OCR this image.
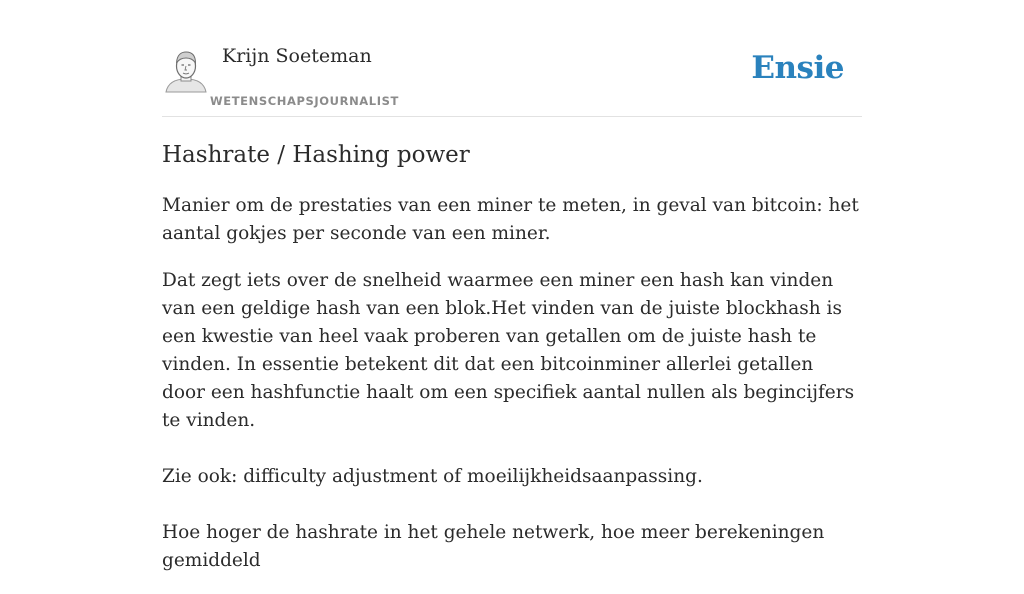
Krijn Soeteman
WETENSCHAPSJOURNALIST
Ensie
Hashrate / Hashing power

Manier om de prestaties van een miner te meten, in geval van bitcoin: het aantal gokjes per seconde van een miner.

Dat zegt iets over de snelheid waarmee een miner een hash kan vinden van een geldige hash van een blok.Het vinden van de juiste blockhash is een kwestie van heel vaak proberen van getallen om de juiste hash te vinden. In essentie betekent dit dat een bitcoinminer allerlei getallen door een hashfunctie haalt om een specifiek aantal nullen als begincijfers te vinden.

Zie ook: difficulty adjustment of moeilijkheidsaanpassing.

Hoe hoger de hashrate in het gehele netwerk, hoe meer berekeningen gemiddeld
